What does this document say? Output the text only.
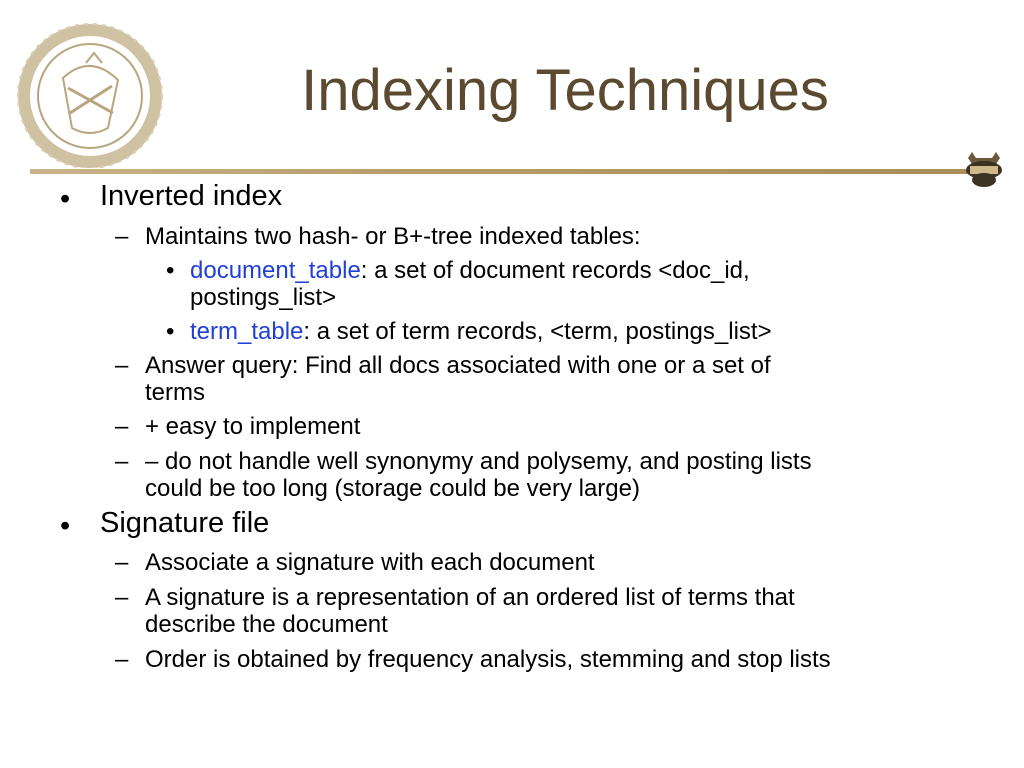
Indexing Techniques
• Inverted index
– Maintains two hash- or B+-tree indexed tables:
• document_table: a set of document records <doc_id,
postings_list>
• term_table: a set of term records, <term, postings_list>
– Answer query: Find all docs associated with one or a set of
terms
– + easy to implement
– – do not handle well synonymy and polysemy, and posting lists
could be too long (storage could be very large)
• Signature file
– Associate a signature with each document
– A signature is a representation of an ordered list of terms that
describe the document
– Order is obtained by frequency analysis, stemming and stop lists
